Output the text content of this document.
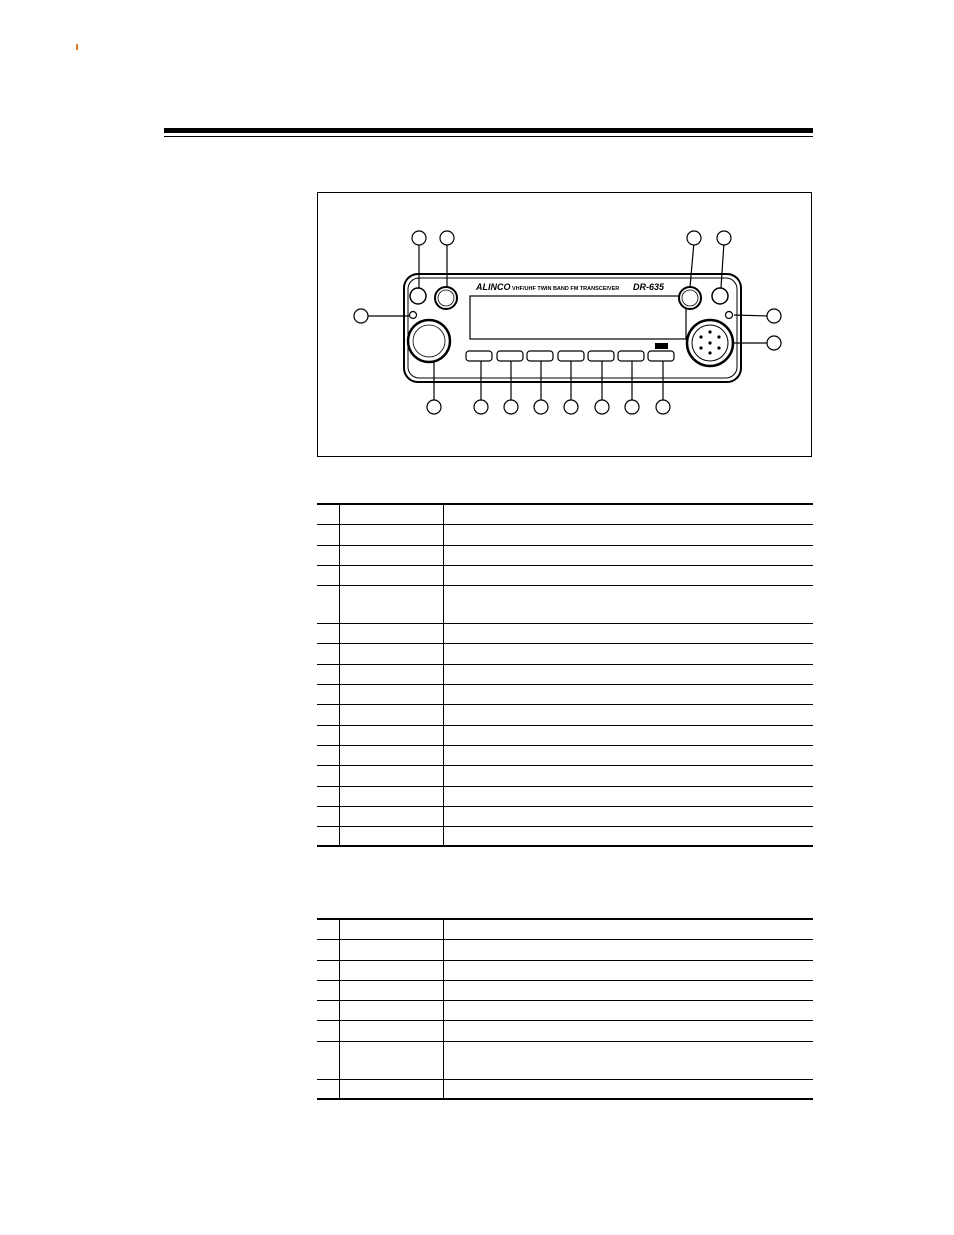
ALINCO VHF/UHF TWIN BAND FM TRANSCEIVER DR-635
